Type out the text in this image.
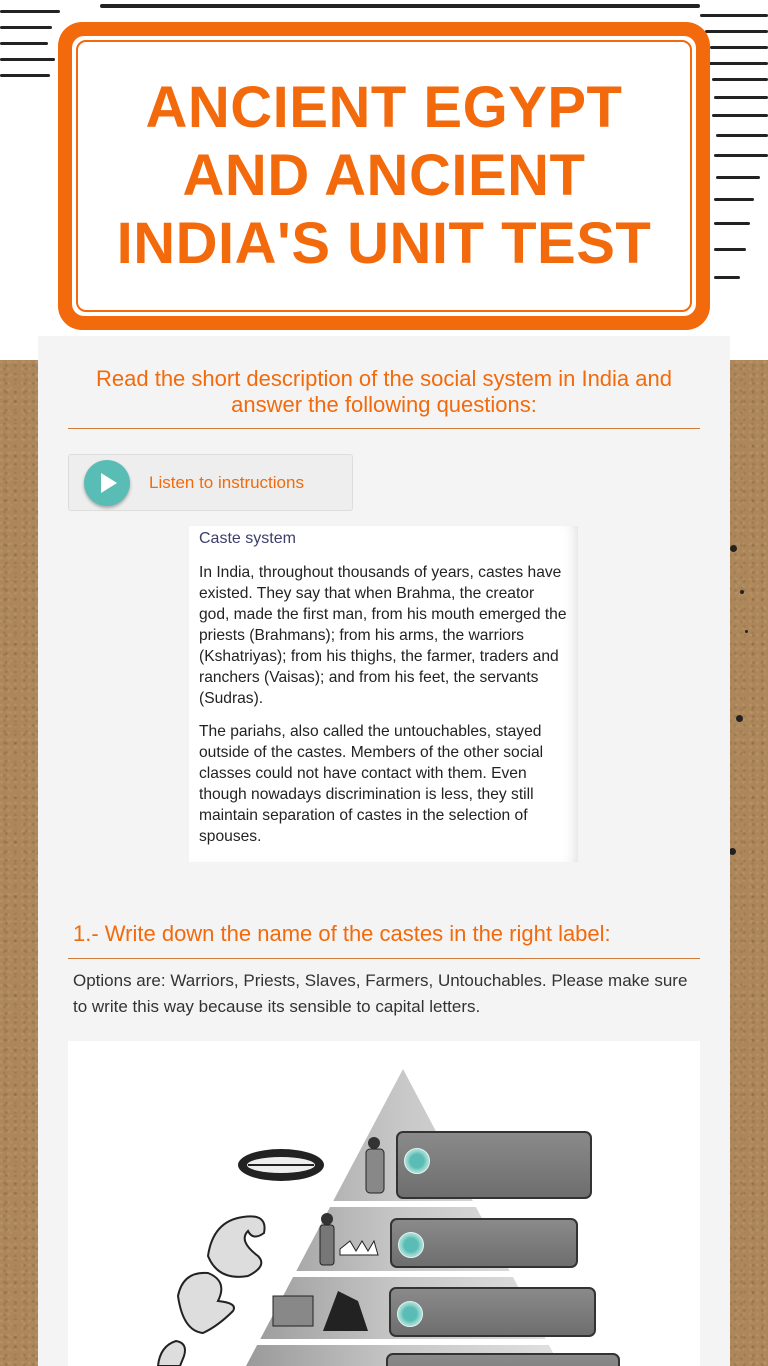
ANCIENT EGYPT AND ANCIENT INDIA'S UNIT TEST
Read the short description of the social system in India and answer the following questions:
Listen to instructions
Caste system
In India, throughout thousands of years, castes have existed. They say that when Brahma, the creator god, made the first man, from his mouth emerged the priests (Brahmans); from his arms, the warriors (Kshatriyas); from his thighs, the farmer, traders and ranchers (Vaisas); and from his feet, the servants (Sudras).
The pariahs, also called the untouchables, stayed outside of the castes. Members of the other social classes could not have contact with them. Even though nowadays discrimination is less, they still maintain separation of castes in the selection of spouses.
1.- Write down the name of the castes in the right label:
Options are: Warriors, Priests, Slaves, Farmers, Untouchables. Please make sure to write this way because its sensible to capital letters.
